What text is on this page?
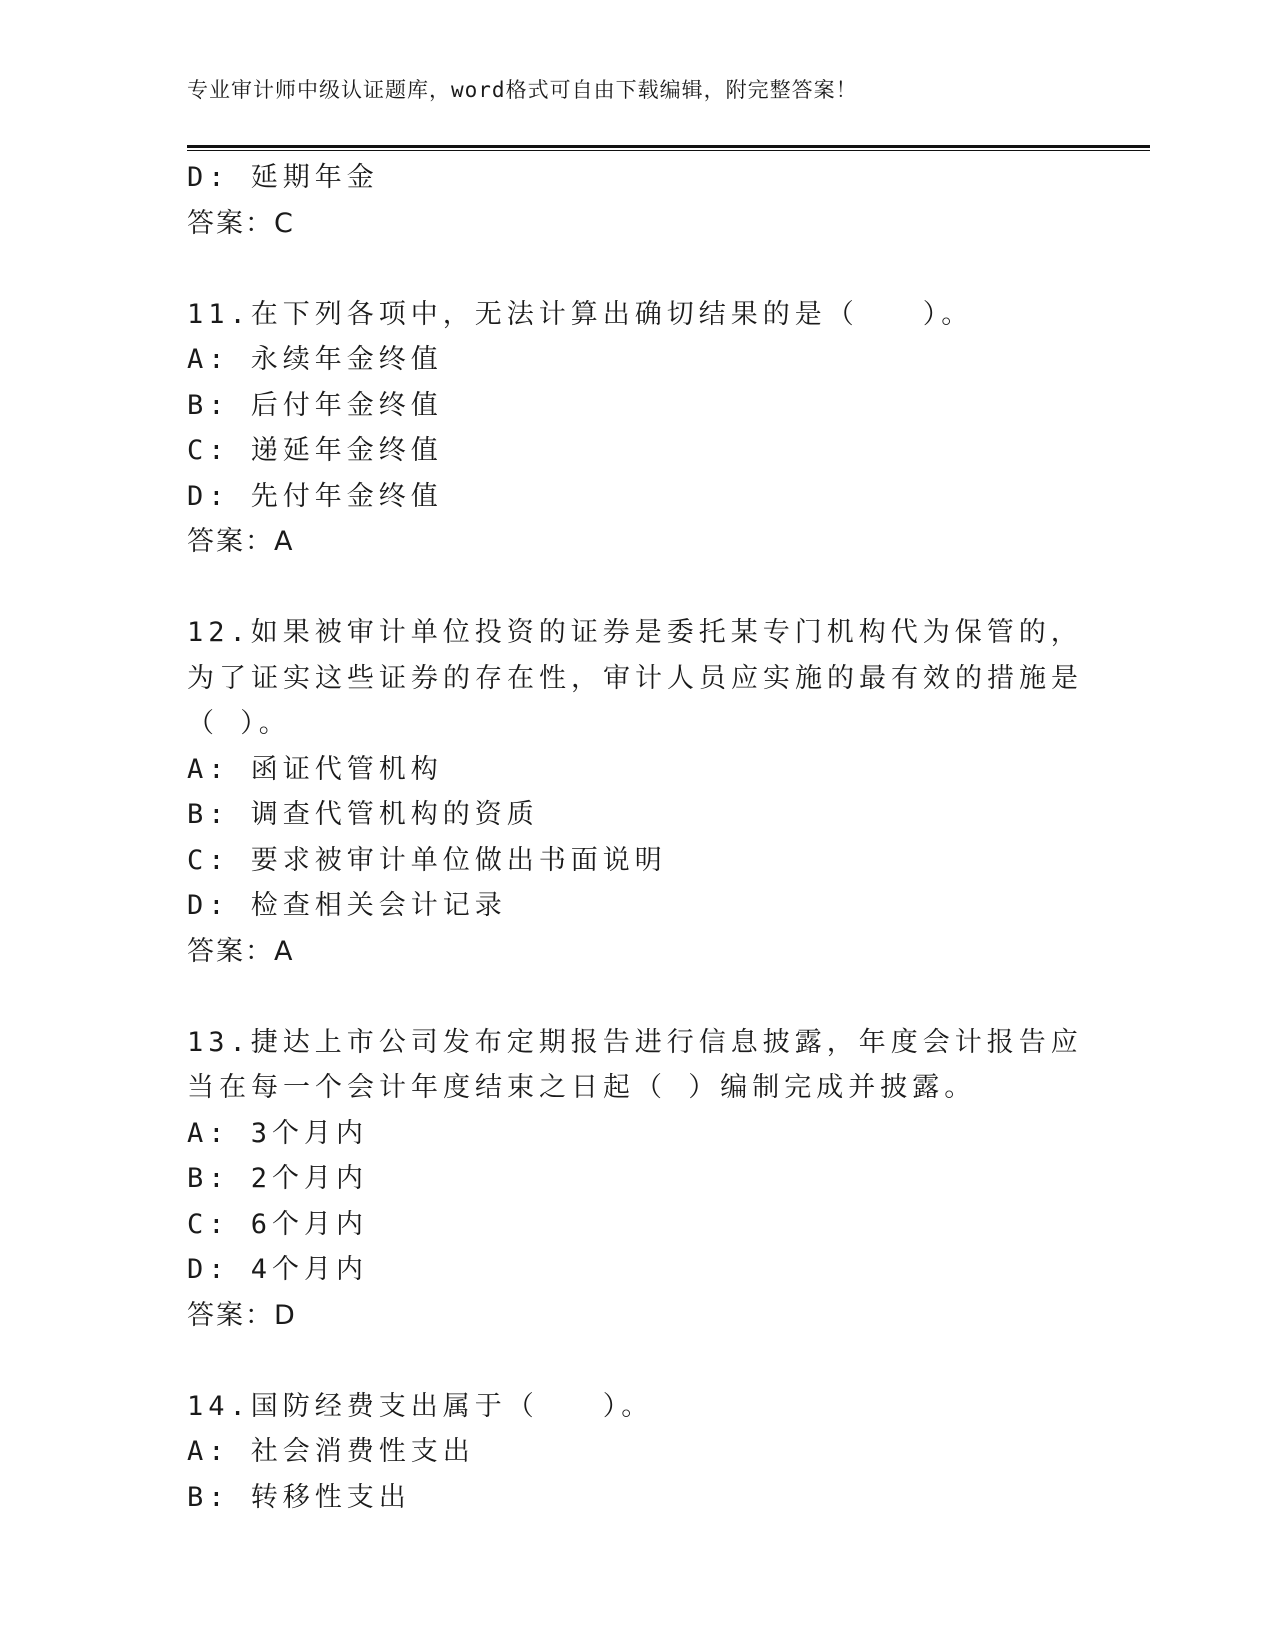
专业审计师中级认证题库，word格式可自由下载编辑，附完整答案！
D: 延期年金
答案：C
11.在下列各项中，无法计算出确切结果的是（　　）。
A: 永续年金终值
B: 后付年金终值
C: 递延年金终值
D: 先付年金终值
答案：A
12.如果被审计单位投资的证券是委托某专门机构代为保管的，为了证实这些证券的存在性，审计人员应实施的最有效的措施是（ ）。
A: 函证代管机构
B: 调查代管机构的资质
C: 要求被审计单位做出书面说明
D: 检查相关会计记录
答案：A
13.捷达上市公司发布定期报告进行信息披露，年度会计报告应当在每一个会计年度结束之日起（ ）编制完成并披露。
A: 3个月内
B: 2个月内
C: 6个月内
D: 4个月内
答案：D
14.国防经费支出属于（　　）。
A: 社会消费性支出
B: 转移性支出
